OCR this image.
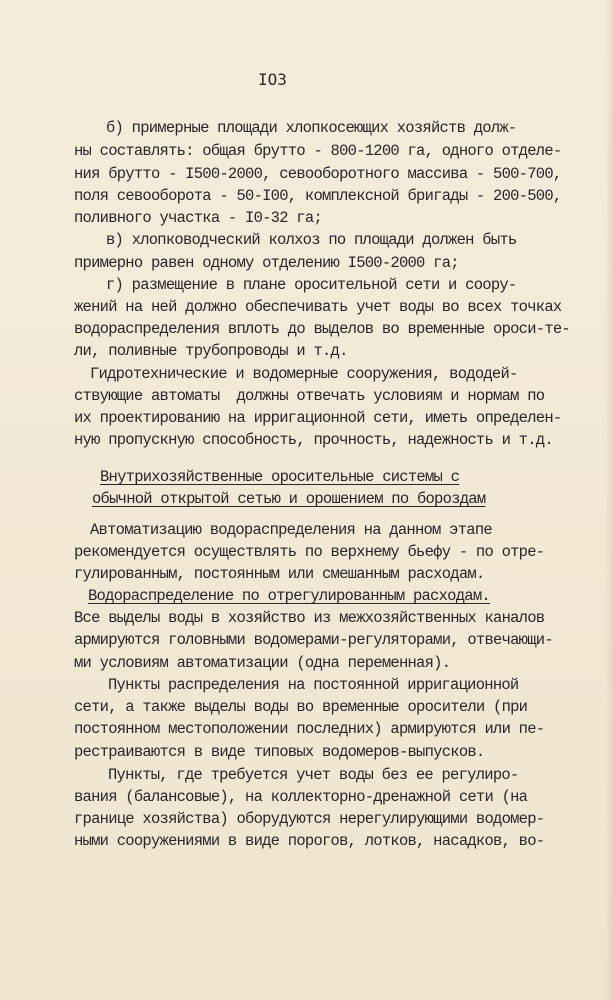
IO3
б) примерные площади хлопкосеющих хозяйств долж-
ны составлять: общая брутто - 800-1200 га, одного отделе-
ния брутто - I500-2000, севооборотного массива - 500-700,
поля севооборота - 50-I00, комплексной бригады - 200-500,
поливного участка - I0-32 га;
в) хлопководческий колхоз по площади должен быть
примерно равен одному отделению I500-2000 га;
г) размещение в плане оросительной сети и соору-
жений на ней должно обеспечивать учет воды во всех точках
водораспределения вплоть до выделов во временные ороси-те-
ли, поливные трубопроводы и т.д.
Гидротехнические и водомерные сооружения, вододей-
ствующие автоматы  должны отвечать условиям и нормам по
их проектированию на ирригационной сети, иметь определен-
ную пропускную способность, прочность, надежность и т.д.
Внутрихозяйственные оросительные системы с
обычной открытой сетью и орошением по бороздам
Автоматизацию водораспределения на данном этапе
рекомендуется осуществлять по верхнему бьефу - по отре-
гулированным, постоянным или смешанным расходам.
Водораспределение по отрегулированным расходам.
Все выделы воды в хозяйство из межхозяйственных каналов
армируются головными водомерами-регуляторами, отвечающи-
ми условиям автоматизации (одна переменная).
Пункты распределения на постоянной ирригационной
сети, а также выделы воды во временные оросители (при
постоянном местоположении последних) армируются или пе-
рестраиваются в виде типовых водомеров-выпусков.
Пункты, где требуется учет воды без ее регулиро-
вания (балансовые), на коллекторно-дренажной сети (на
границе хозяйства) оборудуются нерегулирующими водомер-
ными сооружениями в виде порогов, лотков, насадков, во-
